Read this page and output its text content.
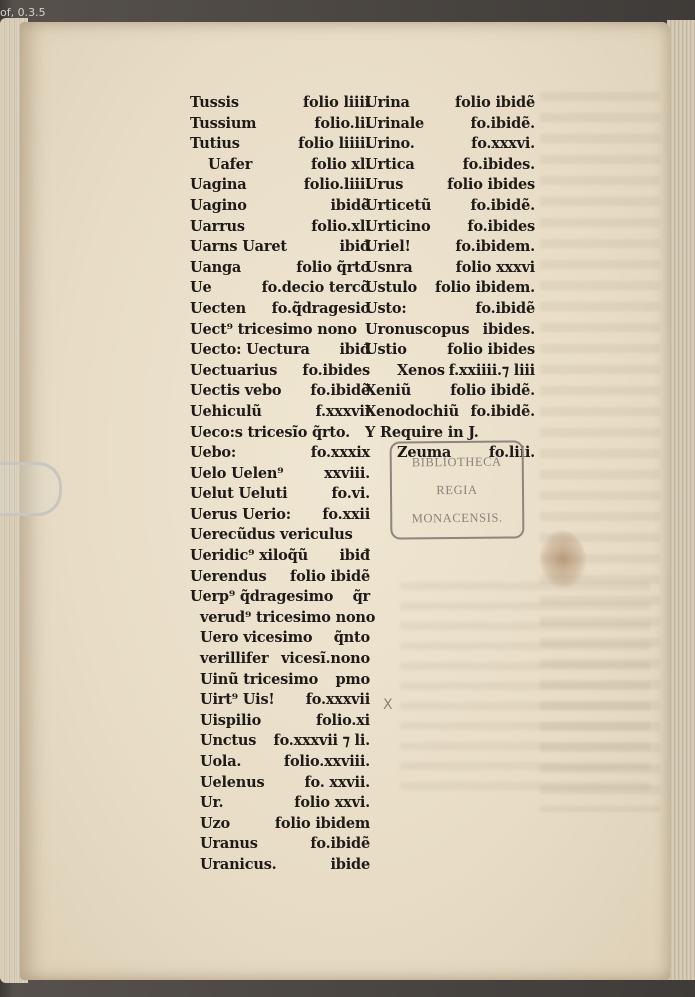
of, 0.3.5
Tussis	folio liiii
Tussium	folio.li.
Tutius	folio liiii.
Uafer	folio xl.
Uagina	folio.liii.
Uagino	ibidẽ
Uarrus	folio.xl.
Uarns Uaret	ibiđ
Uanga	folio q̃rto
Ue	fo.decio tercõ
Uecten fo.q̃dragesio
Uect⁹ tricesimo nono
Uecto: Uectura ibiđ
Uectuarius fo.ibides
Uectis vebo fo.ibidẽ
Uehiculũ	f.xxxvii
Ueco:s tricesĩo q̃rto.
Uebo:	fo.xxxix
Uelo Uelen⁹	xxviii.
Uelut Ueluti	fo.vi.
Uerus Uerio: fo.xxii
Uerecũdus vericulus
Ueridic⁹ xiloq̃ũ ibiđ
Uerendus folio ibidẽ
Uerp⁹ q̃dragesimo q̃r
verud⁹ tricesimo nono
Uero vicesimo q̃nto
verillifer vicesĩ.nono
Uinũ tricesimo pmo
Uirt⁹ Uis! fo.xxxvii
Uispilio	folio.xi
Unctus fo.xxxvii ⁊ li.
Uola.	folio.xxviii.
Uelenus	fo. xxvii.
Ur.	folio xxvi.
Uzo	folio ibidem
Uranus	fo.ibidẽ
Uranicus.	ibide
Urina	folio ibidẽ
Urinale	fo.ibidẽ.
Urino.	fo.xxxvi.
Urtica	fo.ibides.
Urus	folio ibides
Urticetũ	fo.ibidẽ.
Urticino	fo.ibides
Uriel!	fo.ibidem.
Usnra	folio xxxvi
Ustulo folio ibidem.
Usto:	fo.ibidẽ
Uronuscopus ibides.
Ustio	folio ibides
Xenos f.xxiiii.⁊ liii
Xeniũ	folio ibidẽ.
Xenodochiũ fo.ibidẽ.
Y Require in J.
Zeuma	fo.liii.
BIBLIOTHECA
REGIA
MONACENSIS.
X
